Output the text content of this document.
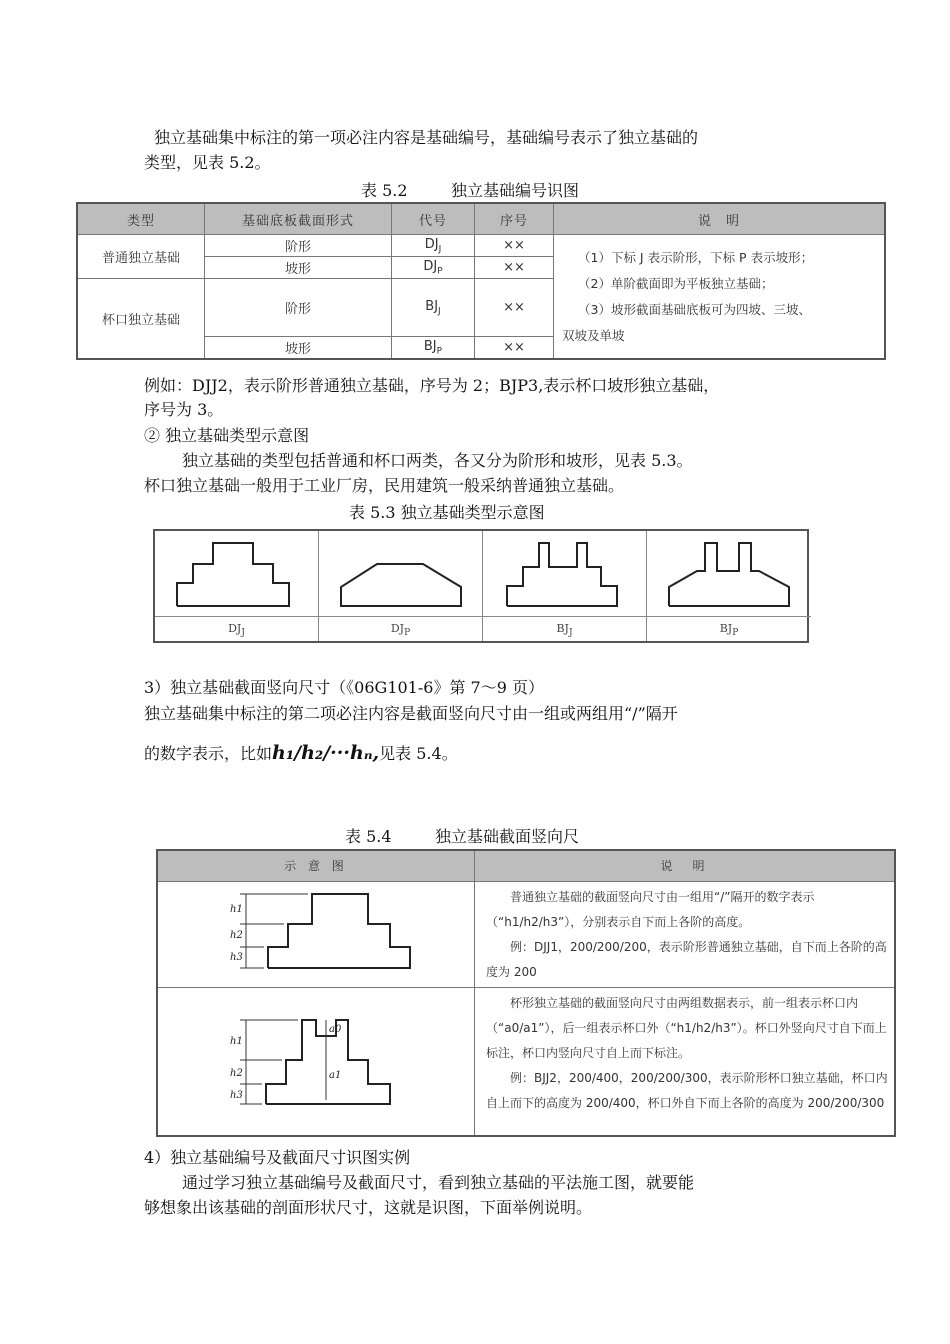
独立基础集中标注的第一项必注内容是基础编号，基础编号表示了独立基础的
类型，见表 5.2。
表 5.2	独立基础编号识图
类型	基础底板截面形式	代号	序号	说　明
普通独立基础	阶形	$DJ_J$	××	（1）下标 J 表示阶形，下标 P 表示坡形；
（2）单阶截面即为平板独立基础；
（3）坡形截面基础底板可为四坡、三坡、
双坡及单坡

	坡形	$DJ_P$	××	
杯口独立基础	阶形	$BJ_J$	××	
	坡形	$BJ_P$	××	
例如：DJJ2，表示阶形普通独立基础，序号为 2；BJP3,表示杯口坡形独立基础，
序号为 3。
② 独立基础类型示意图
独立基础的类型包括普通和杯口两类，各又分为阶形和坡形，见表 5.3。
杯口独立基础一般用于工业厂房，民用建筑一般采纳普通独立基础。
表 5.3 独立基础类型示意图
$DJ_J$	$DJ_P$	$BJ_J$	$BJ_P$
3）独立基础截面竖向尺寸（《06G101-6》第 7～9 页）
独立基础集中标注的第二项必注内容是截面竖向尺寸由一组或两组用“/”隔开
的数字表示，比如h₁/h₂/···hₙ,见表 5.4。
表 5.4	独立基础截面竖向尺
示 意 图	说　明
h1
h2
h3
普通独立基础的截面竖向尺寸由一组用“/”隔开的数字表示（“h1/h2/h3”），分别表示自下而上各阶的高度。
例：DJJ1，200/200/200，表示阶形普通独立基础，自下而上各阶的高度为 200
h1
h2
h3
a0
a1
杯形独立基础的截面竖向尺寸由两组数据表示，前一组表示杯口内（“a0/a1”），后一组表示杯口外（“h1/h2/h3”）。杯口外竖向尺寸自下而上标注，杯口内竖向尺寸自上而下标注。
例：BJJ2，200/400，200/200/300，表示阶形杯口独立基础，杯口内自上而下的高度为 200/400，杯口外自下而上各阶的高度为 200/200/300
4）独立基础编号及截面尺寸识图实例
通过学习独立基础编号及截面尺寸，看到独立基础的平法施工图，就要能
够想象出该基础的剖面形状尺寸，这就是识图，下面举例说明。
